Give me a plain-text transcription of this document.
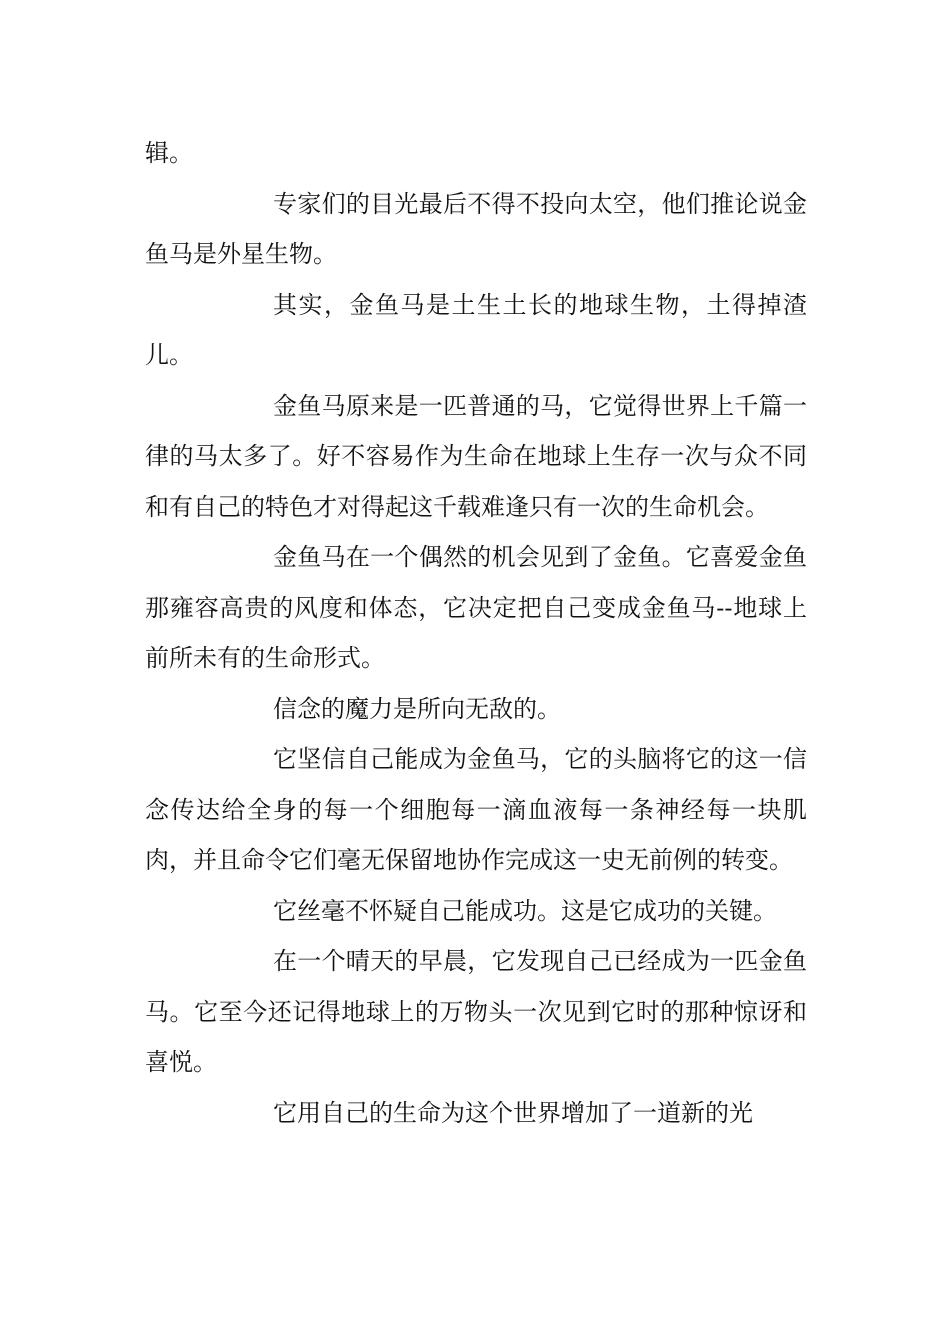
辑。

专家们的目光最后不得不投向太空，他们推论说金鱼马是外星生物。

其实，金鱼马是土生土长的地球生物，土得掉渣儿。

金鱼马原来是一匹普通的马，它觉得世界上千篇一律的马太多了。好不容易作为生命在地球上生存一次与众不同和有自己的特色才对得起这千载难逢只有一次的生命机会。

金鱼马在一个偶然的机会见到了金鱼。它喜爱金鱼那雍容高贵的风度和体态，它决定把自己变成金鱼马--地球上前所未有的生命形式。

信念的魔力是所向无敌的。

它坚信自己能成为金鱼马，它的头脑将它的这一信念传达给全身的每一个细胞每一滴血液每一条神经每一块肌肉，并且命令它们毫无保留地协作完成这一史无前例的转变。

它丝毫不怀疑自己能成功。这是它成功的关键。

在一个晴天的早晨，它发现自己已经成为一匹金鱼马。它至今还记得地球上的万物头一次见到它时的那种惊讶和喜悦。

它用自己的生命为这个世界增加了一道新的光
